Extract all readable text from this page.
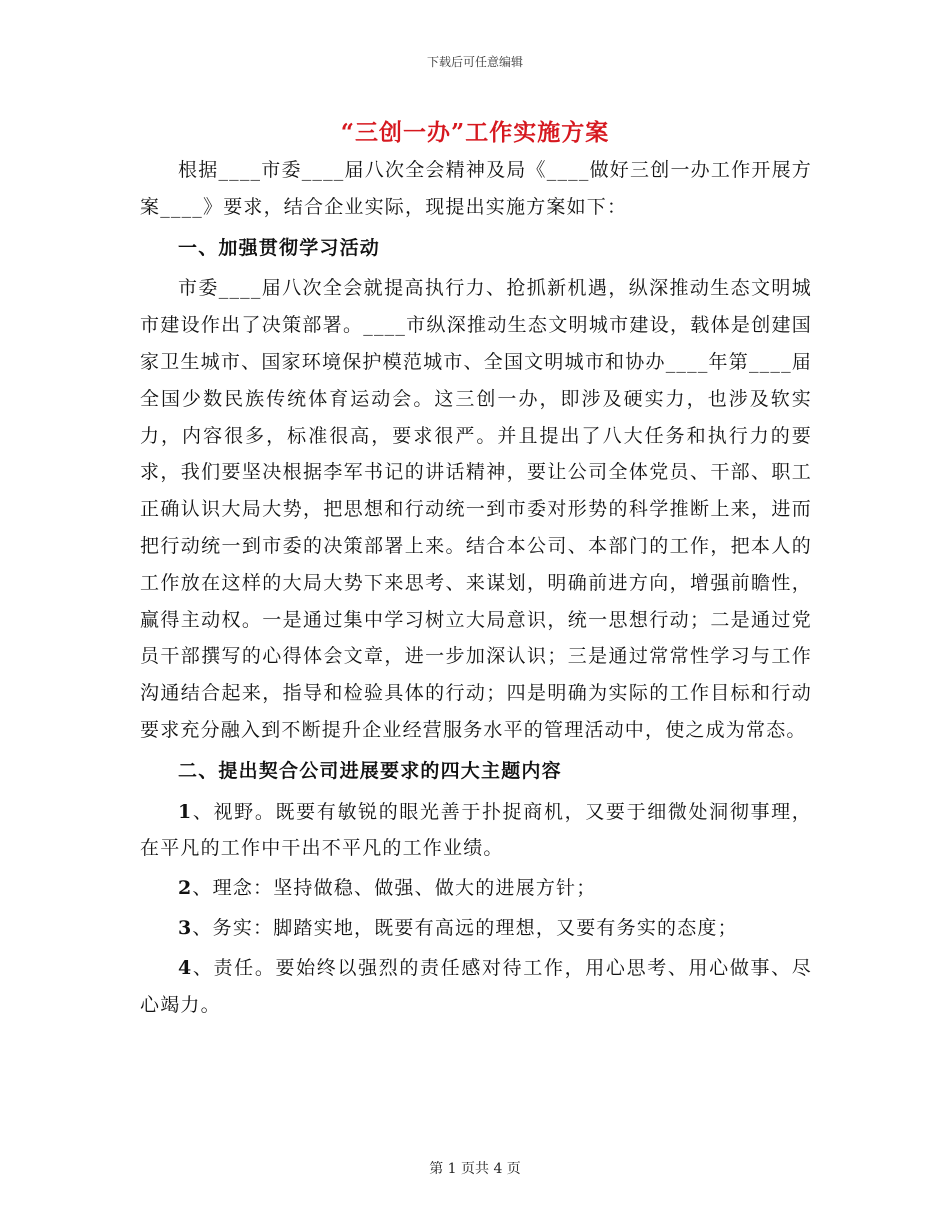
下载后可任意编辑
“三创一办”工作实施方案

根据____市委____届八次全会精神及局《____做好三创一办工作开展方案____》要求，结合企业实际，现提出实施方案如下：

一、加强贯彻学习活动

市委____届八次全会就提高执行力、抢抓新机遇，纵深推动生态文明城市建设作出了决策部署。____市纵深推动生态文明城市建设，载体是创建国家卫生城市、国家环境保护模范城市、全国文明城市和协办____年第____届全国少数民族传统体育运动会。这三创一办，即涉及硬实力，也涉及软实力，内容很多，标准很高，要求很严。并且提出了八大任务和执行力的要求，我们要坚决根据李军书记的讲话精神，要让公司全体党员、干部、职工正确认识大局大势，把思想和行动统一到市委对形势的科学推断上来，进而把行动统一到市委的决策部署上来。结合本公司、本部门的工作，把本人的工作放在这样的大局大势下来思考、来谋划，明确前进方向，增强前瞻性，赢得主动权。一是通过集中学习树立大局意识，统一思想行动；二是通过党员干部撰写的心得体会文章，进一步加深认识；三是通过常常性学习与工作沟通结合起来，指导和检验具体的行动；四是明确为实际的工作目标和行动要求充分融入到不断提升企业经营服务水平的管理活动中，使之成为常态。

二、提出契合公司进展要求的四大主题内容

1、视野。既要有敏锐的眼光善于扑捉商机，又要于细微处洞彻事理，在平凡的工作中干出不平凡的工作业绩。

2、理念：坚持做稳、做强、做大的进展方针；

3、务实：脚踏实地，既要有高远的理想，又要有务实的态度；

4、责任。要始终以强烈的责任感对待工作，用心思考、用心做事、尽心竭力。

第 1 页共 4 页
